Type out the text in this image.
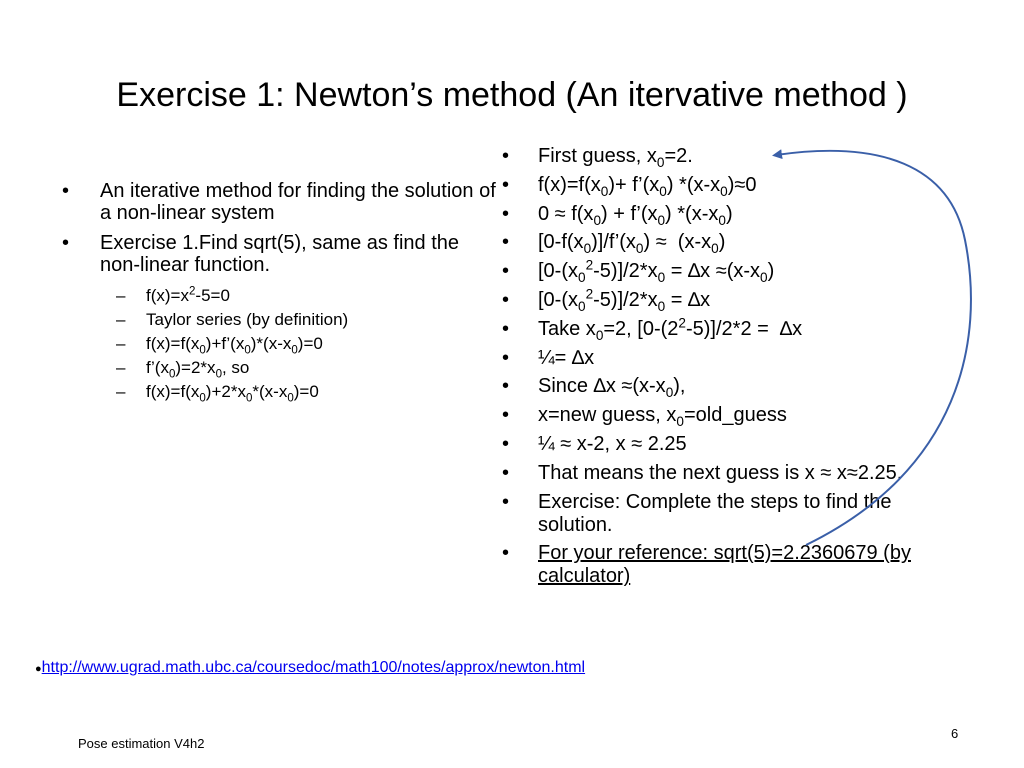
Exercise 1: Newton’s method (An itervative method )
• An iterative method for finding the solution of a non-linear system
• Exercise 1.Find sqrt(5), same as find the non-linear function.
– $f(x)=x^2-5=0$
– Taylor series (by definition)
– $f(x)=f(x_0)+f’(x_0)*(x-x_0)=0$
– $f’(x_0)=2*x_0$, so
– $f(x)=f(x_0)+2*x_0*(x-x_0)=0$
• First guess, $x_0=2$.
• $f(x)=f(x_0)+$ $f’(x_0)$ $*(x-x_0)\approx 0$
• $0 \approx f(x_0)$ + $f’(x_0)$ $*(x-x_0)$
• $[0-f(x_0)]/f’(x_0) \approx (x-x_0)$
• $[0-(x_0^2-5)]/2*x_0 = \Delta x \approx(x-x_0)$
• $[0-(x_0^2-5)]/2*x_0 = \Delta x$
• Take $x_0=2$, $[0-(2^2-5)]/2*2 = \Delta x$
• ¼= ∆x
• Since $\Delta x \approx(x-x_0)$,
• x=new guess, $x_0=old\_guess$
• ¼ ≈ x-2, x ≈ 2.25
• That means the next guess is x ≈ x≈2.25.
• Exercise: Complete the steps to find the solution.
• For your reference: sqrt(5)=2.2360679 (by calculator)
●http://www.ugrad.math.ubc.ca/coursedoc/math100/notes/approx/newton.html
Pose estimation V4h2
6
